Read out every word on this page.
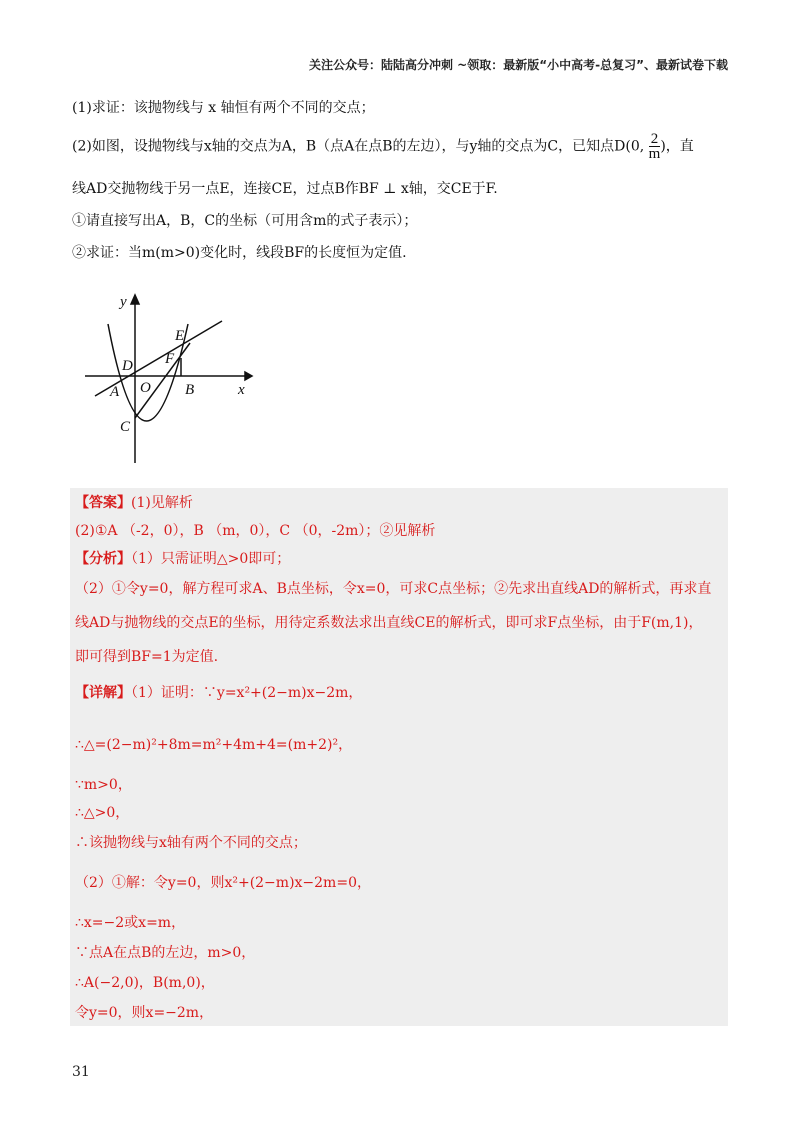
关注公众号：陆陆高分冲刺 ~领取：最新版“小中高考-总复习”、最新试卷下载
(1)求证：该抛物线与 x 轴恒有两个不同的交点；
(2)如图，设抛物线与x轴的交点为A，B（点A在点B的左边），与y轴的交点为C，已知点D(0, $\frac{2}{m}$ )，直
线AD交抛物线于另一点E，连接CE，过点B作BF ⊥ x轴，交CE于F.
①请直接写出A，B，C的坐标（可用含m的式子表示）；
②求证：当m(m>0)变化时，线段BF的长度恒为定值.
y
x
E
D F
A O B
C
【答案】(1)见解析
(2)①A （-2，0），B （m，0），C （0，-2m）；②见解析
【分析】（1）只需证明△>0即可；
（2）①令y=0，解方程可求A、B点坐标，令x=0，可求C点坐标；②先求出直线AD的解析式，再求直
线AD与抛物线的交点E的坐标，用待定系数法求出直线CE的解析式，即可求F点坐标，由于F(m,1)，
即可得到BF=1为定值.
【详解】（1）证明：∵y=x²+(2−m)x−2m，
∴△=(2−m)²+8m=m²+4m+4=(m+2)²，
∵m>0，
∴△>0，
∴该抛物线与x轴有两个不同的交点；
（2）①解：令y=0，则x²+(2−m)x−2m=0，
∴x=−2或x=m，
∵点A在点B的左边，m>0，
∴A(−2,0)，B(m,0)，
令y=0，则x=−2m，
31
